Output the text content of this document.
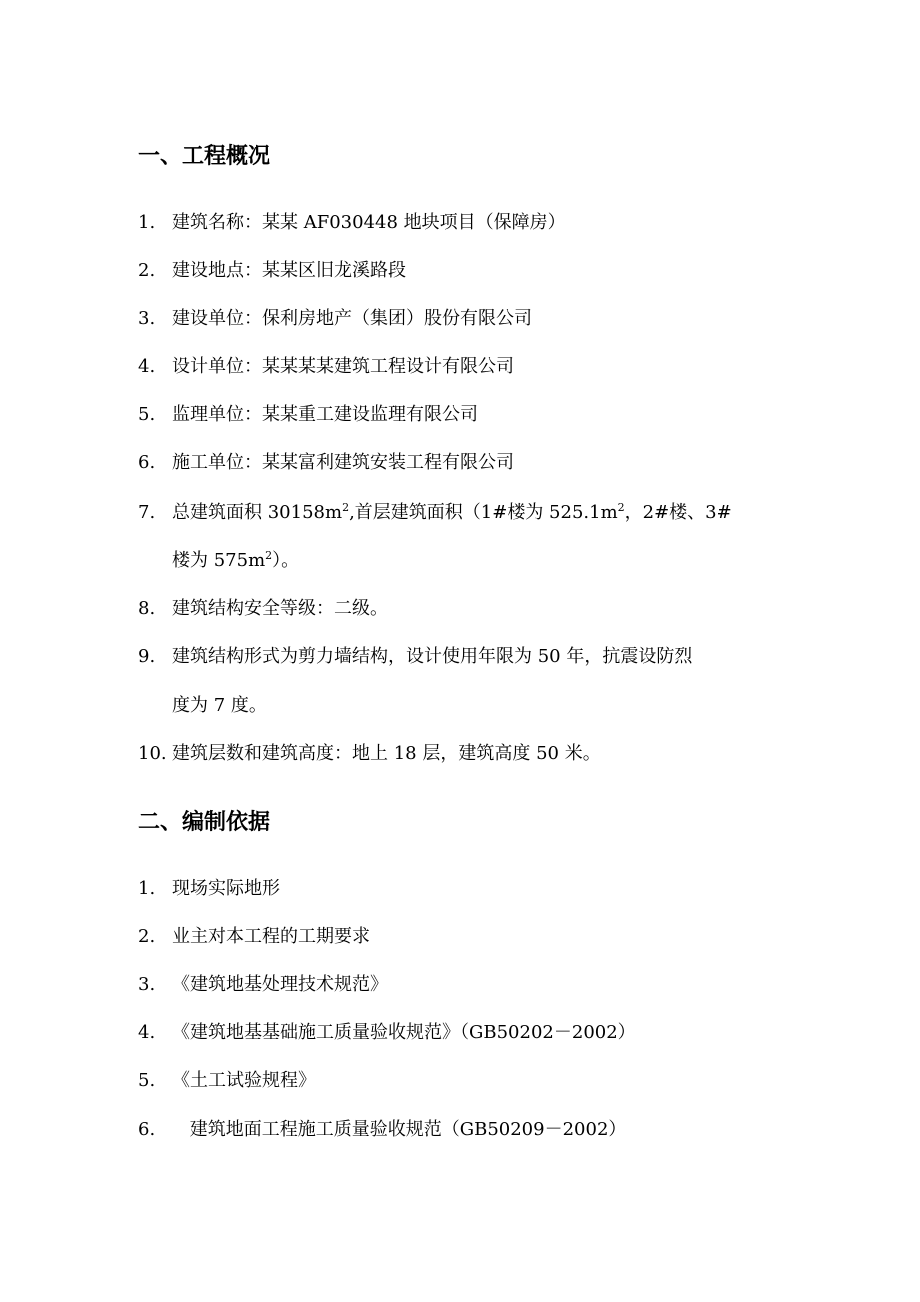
一、工程概况
1. 建筑名称：某某 AF030448 地块项目（保障房）
2. 建设地点：某某区旧龙溪路段
3. 建设单位：保利房地产（集团）股份有限公司
4. 设计单位：某某某某建筑工程设计有限公司
5. 监理单位：某某重工建设监理有限公司
6. 施工单位：某某富利建筑安装工程有限公司
7. 总建筑面积 $30158m^2$,首层建筑面积（1#楼为 $525.1m^2$，2#楼、3#
楼为 $575m^2$）。
8. 建筑结构安全等级：二级。
9. 建筑结构形式为剪力墙结构，设计使用年限为 50 年，抗震设防烈
度为 7 度。
10. 建筑层数和建筑高度：地上 18 层，建筑高度 50 米。
二、编制依据
1. 现场实际地形
2. 业主对本工程的工期要求
3. 《建筑地基处理技术规范》
4. 《建筑地基基础施工质量验收规范》（GB50202－2002）
5. 《土工试验规程》
6. 建筑地面工程施工质量验收规范（GB50209－2002）
